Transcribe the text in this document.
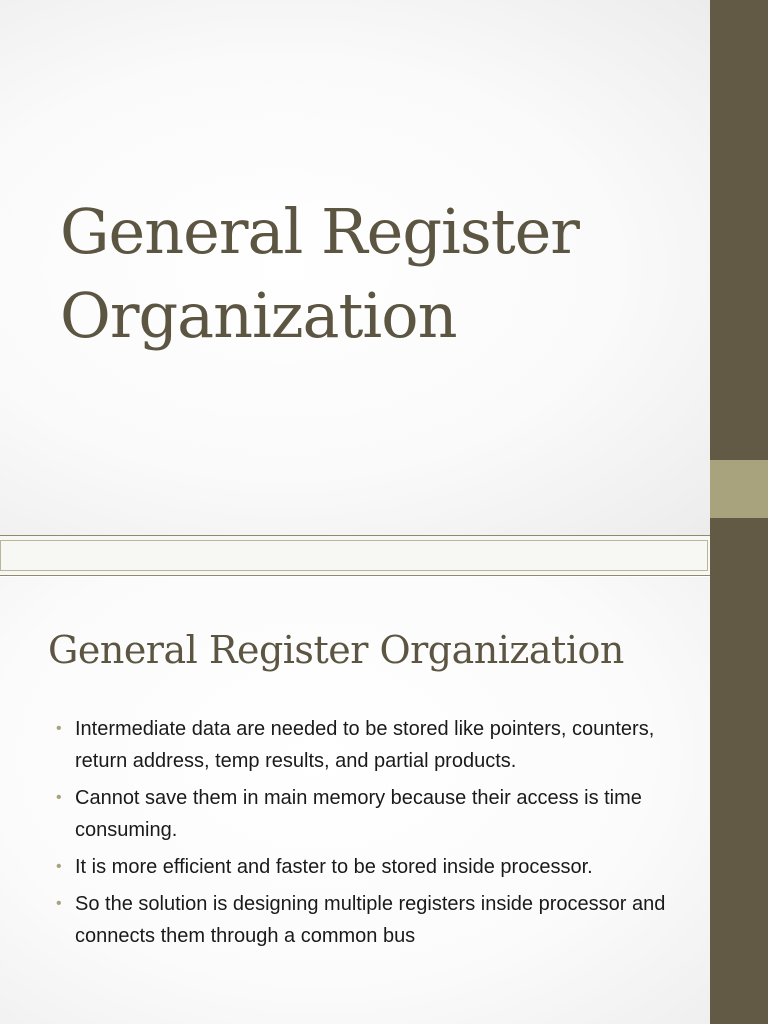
General Register
Organization
General Register Organization
• Intermediate data are needed to be stored like pointers, counters, return address, temp results, and partial products.
• Cannot save them in main memory because their access is time consuming.
• It is more efficient and faster to be stored inside processor.
• So the solution is designing multiple registers inside processor and connects them through a common bus
